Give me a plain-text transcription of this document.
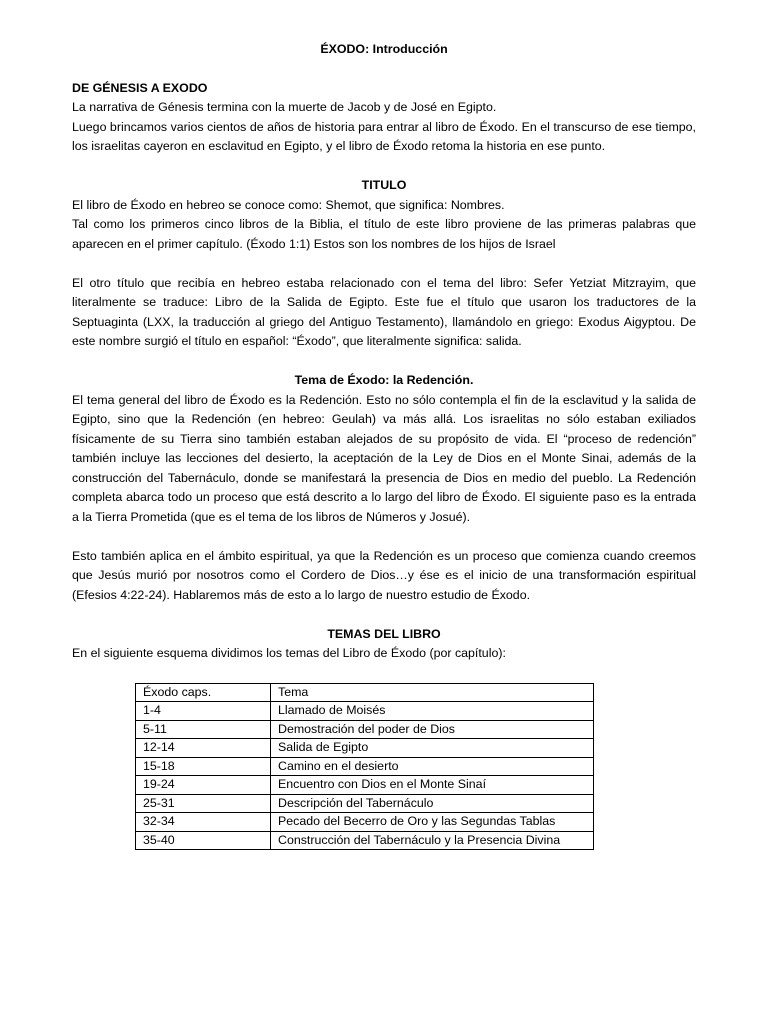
ÉXODO: Introducción
DE GÉNESIS A EXODO

La narrativa de Génesis termina con la muerte de Jacob y de José en Egipto.

Luego brincamos varios cientos de años de historia para entrar al libro de Éxodo. En el transcurso de ese tiempo, los israelitas cayeron en esclavitud en Egipto, y el libro de Éxodo retoma la historia en ese punto.

TITULO

El libro de Éxodo en hebreo se conoce como: Shemot, que significa: Nombres.

Tal como los primeros cinco libros de la Biblia, el título de este libro proviene de las primeras palabras que aparecen en el primer capítulo. (Éxodo 1:1) Estos son los nombres de los hijos de Israel

El otro título que recibía en hebreo estaba relacionado con el tema del libro: Sefer Yetziat Mitzrayim, que literalmente se traduce: Libro de la Salida de Egipto. Este fue el título que usaron los traductores de la Septuaginta (LXX, la traducción al griego del Antiguo Testamento), llamándolo en griego: Exodus Aigyptou. De este nombre surgió el título en español: “Éxodo”, que literalmente significa: salida.

Tema de Éxodo: la Redención.

El tema general del libro de Éxodo es la Redención. Esto no sólo contempla el fin de la esclavitud y la salida de Egipto, sino que la Redención (en hebreo: Geulah) va más allá. Los israelitas no sólo estaban exiliados físicamente de su Tierra sino también estaban alejados de su propósito de vida. El “proceso de redención” también incluye las lecciones del desierto, la aceptación de la Ley de Dios en el Monte Sinai, además de la construcción del Tabernáculo, donde se manifestará la presencia de Dios en medio del pueblo. La Redención completa abarca todo un proceso que está descrito a lo largo del libro de Éxodo. El siguiente paso es la entrada a la Tierra Prometida (que es el tema de los libros de Números y Josué).

Esto también aplica en el ámbito espiritual, ya que la Redención es un proceso que comienza cuando creemos que Jesús murió por nosotros como el Cordero de Dios…y ése es el inicio de una transformación espiritual (Efesios 4:22-24). Hablaremos más de esto a lo largo de nuestro estudio de Éxodo.

TEMAS DEL LIBRO

En el siguiente esquema dividimos los temas del Libro de Éxodo (por capítulo):

Éxodo caps.	Tema
1-4	Llamado de Moisés
5-11	Demostración del poder de Dios
12-14	Salida de Egipto
15-18	Camino en el desierto
19-24	Encuentro con Dios en el Monte Sinaí
25-31	Descripción del Tabernáculo
32-34	Pecado del Becerro de Oro y las Segundas Tablas
35-40	Construcción del Tabernáculo y la Presencia Divina
